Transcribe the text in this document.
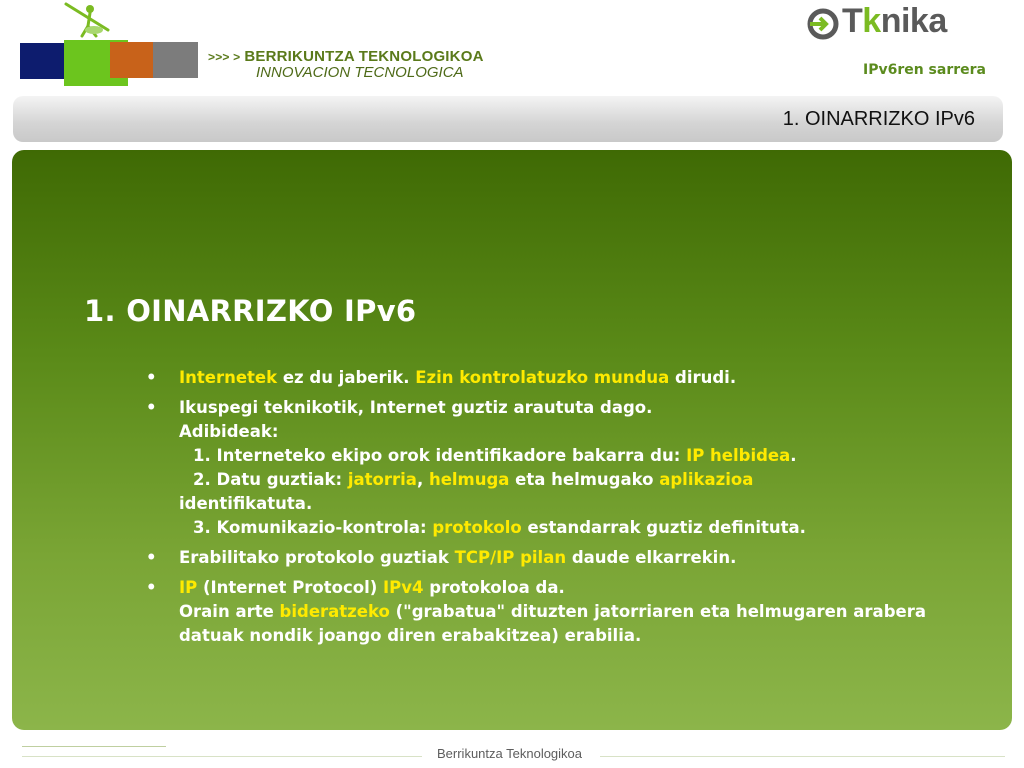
>>> > BERRIKUNTZA TEKNOLOGIKOA
INNOVACION TECNOLOGICA
Tknika
IPv6ren sarrera
1. OINARRIZKO IPv6
1. OINARRIZKO IPv6
• Internetek ez du jaberik. Ezin kontrolatuzko mundua dirudi.
• Ikuspegi teknikotik, Internet guztiz araututa dago.
Adibideak:
1. Interneteko ekipo orok identifikadore bakarra du: IP helbidea.
2. Datu guztiak: jatorria, helmuga eta helmugako aplikazioa
identifikatuta.
3. Komunikazio-kontrola: protokolo estandarrak guztiz definituta.
• Erabilitako protokolo guztiak TCP/IP pilan daude elkarrekin.
• IP (Internet Protocol) IPv4 protokoloa da.
Orain arte bideratzeko ("grabatua" dituzten jatorriaren eta helmugaren arabera datuak nondik joango diren erabakitzea) erabilia.
Berrikuntza Teknologikoa
